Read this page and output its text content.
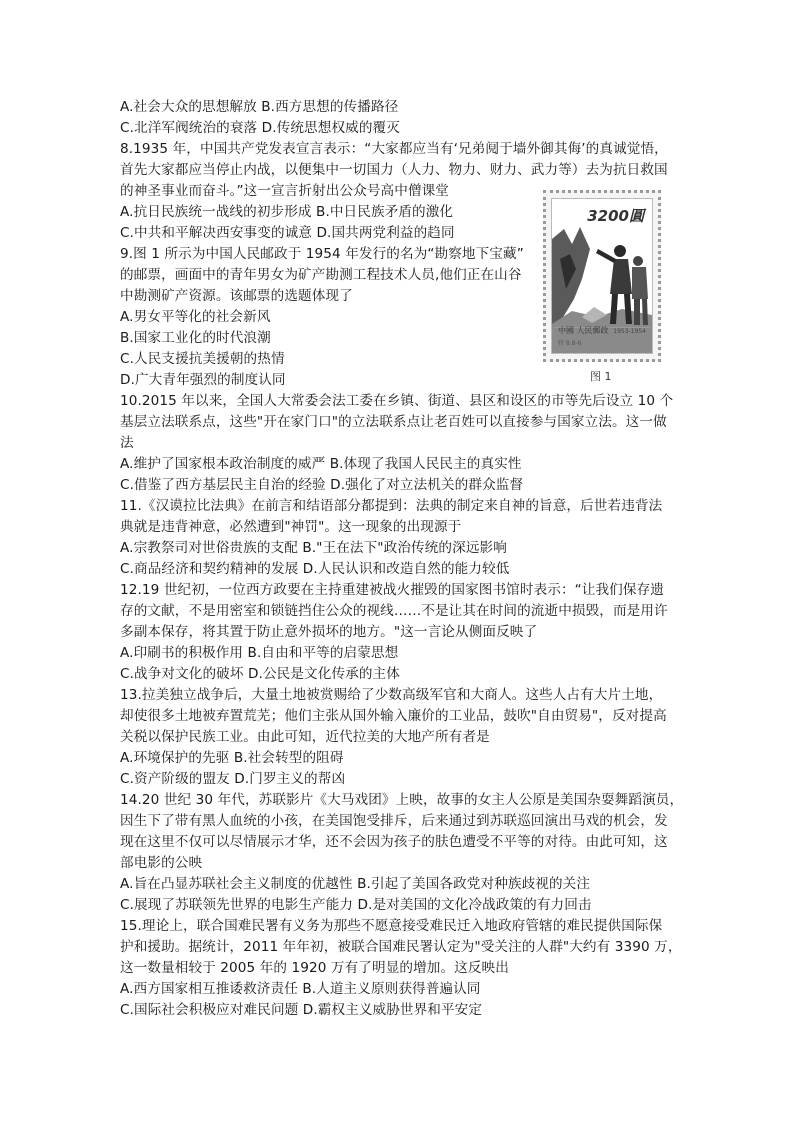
A.社会大众的思想解放 B.西方思想的传播路径
C.北洋军阀统治的衰落 D.传统思想权威的覆灭
8.1935 年，中国共产党发表宣言表示：“大家都应当有‘兄弟阋于墙外御其侮’的真诚觉悟，
首先大家都应当停止内战，以便集中一切国力（人力、物力、财力、武力等）去为抗日救国
的神圣事业而奋斗。”这一宣言折射出公众号高中僧课堂
A.抗日民族统一战线的初步形成 B.中日民族矛盾的激化
C.中共和平解决西安事变的诚意 D.国共两党利益的趋同
9.图 1 所示为中国人民邮政于 1954 年发行的名为“勘察地下宝藏”
的邮票，画面中的青年男女为矿产勘测工程技术人员,他们正在山谷
中勘测矿产资源。该邮票的选题体现了
A.男女平等化的社会新风
B.国家工业化的时代浪潮
C.人民支援抗美援朝的热情
D.广大青年强烈的制度认同
10.2015 年以来，全国人大常委会法工委在乡镇、街道、县区和设区的市等先后设立 10 个
基层立法联系点，这些"开在家门口"的立法联系点让老百姓可以直接参与国家立法。这一做
法
A.维护了国家根本政治制度的威严 B.体现了我国人民民主的真实性
C.借鉴了西方基层民主自治的经验 D.强化了对立法机关的群众监督
11.《汉谟拉比法典》在前言和结语部分都提到：法典的制定来自神的旨意，后世若违背法
典就是违背神意，必然遭到"神罚"。这一现象的出现源于
A.宗教祭司对世俗贵族的支配 B."王在法下"政治传统的深远影响
C.商品经济和契约精神的发展 D.人民认识和改造自然的能力较低
12.19 世纪初，一位西方政要在主持重建被战火摧毁的国家图书馆时表示：“让我们保存遗
存的文献，不是用密室和锁链挡住公众的视线……不是让其在时间的流逝中损毁，而是用许
多副本保存，将其置于防止意外损坏的地方。"这一言论从侧面反映了
A.印刷书的积极作用 B.自由和平等的启蒙思想
C.战争对文化的破坏 D.公民是文化传承的主体
13.拉美独立战争后，大量土地被赏赐给了少数高级军官和大商人。这些人占有大片土地，
却使很多土地被弃置荒芜；他们主张从国外输入廉价的工业品，鼓吹"自由贸易"，反对提高
关税以保护民族工业。由此可知，近代拉美的大地产所有者是
A.环境保护的先驱 B.社会转型的阻碍
C.资产阶级的盟友 D.门罗主义的帮凶
14.20 世纪 30 年代，苏联影片《大马戏团》上映，故事的女主人公原是美国杂耍舞蹈演员，
因生下了带有黑人血统的小孩，在美国饱受排斥，后来通过到苏联巡回演出马戏的机会，发
现在这里不仅可以尽情展示才华，还不会因为孩子的肤色遭受不平等的对待。由此可知，这
部电影的公映
A.旨在凸显苏联社会主义制度的优越性 B.引起了美国各政党对种族歧视的关注
C.展现了苏联领先世界的电影生产能力 D.是对美国的文化冷战政策的有力回击
15.理论上，联合国难民署有义务为那些不愿意接受难民迁入地政府管辖的难民提供国际保
护和援助。据统计，2011 年年初，被联合国难民署认定为"受关注的人群"大约有 3390 万，
这一数量相较于 2005 年的 1920 万有了明显的增加。这反映出
A.西方国家相互推诿救济责任 B.人道主义原则获得普遍认同
C.国际社会积极应对难民问题 D.霸权主义威胁世界和平安定
3200圓
中國 人民郵政 1953-1954
特 8.8-6
图 1
